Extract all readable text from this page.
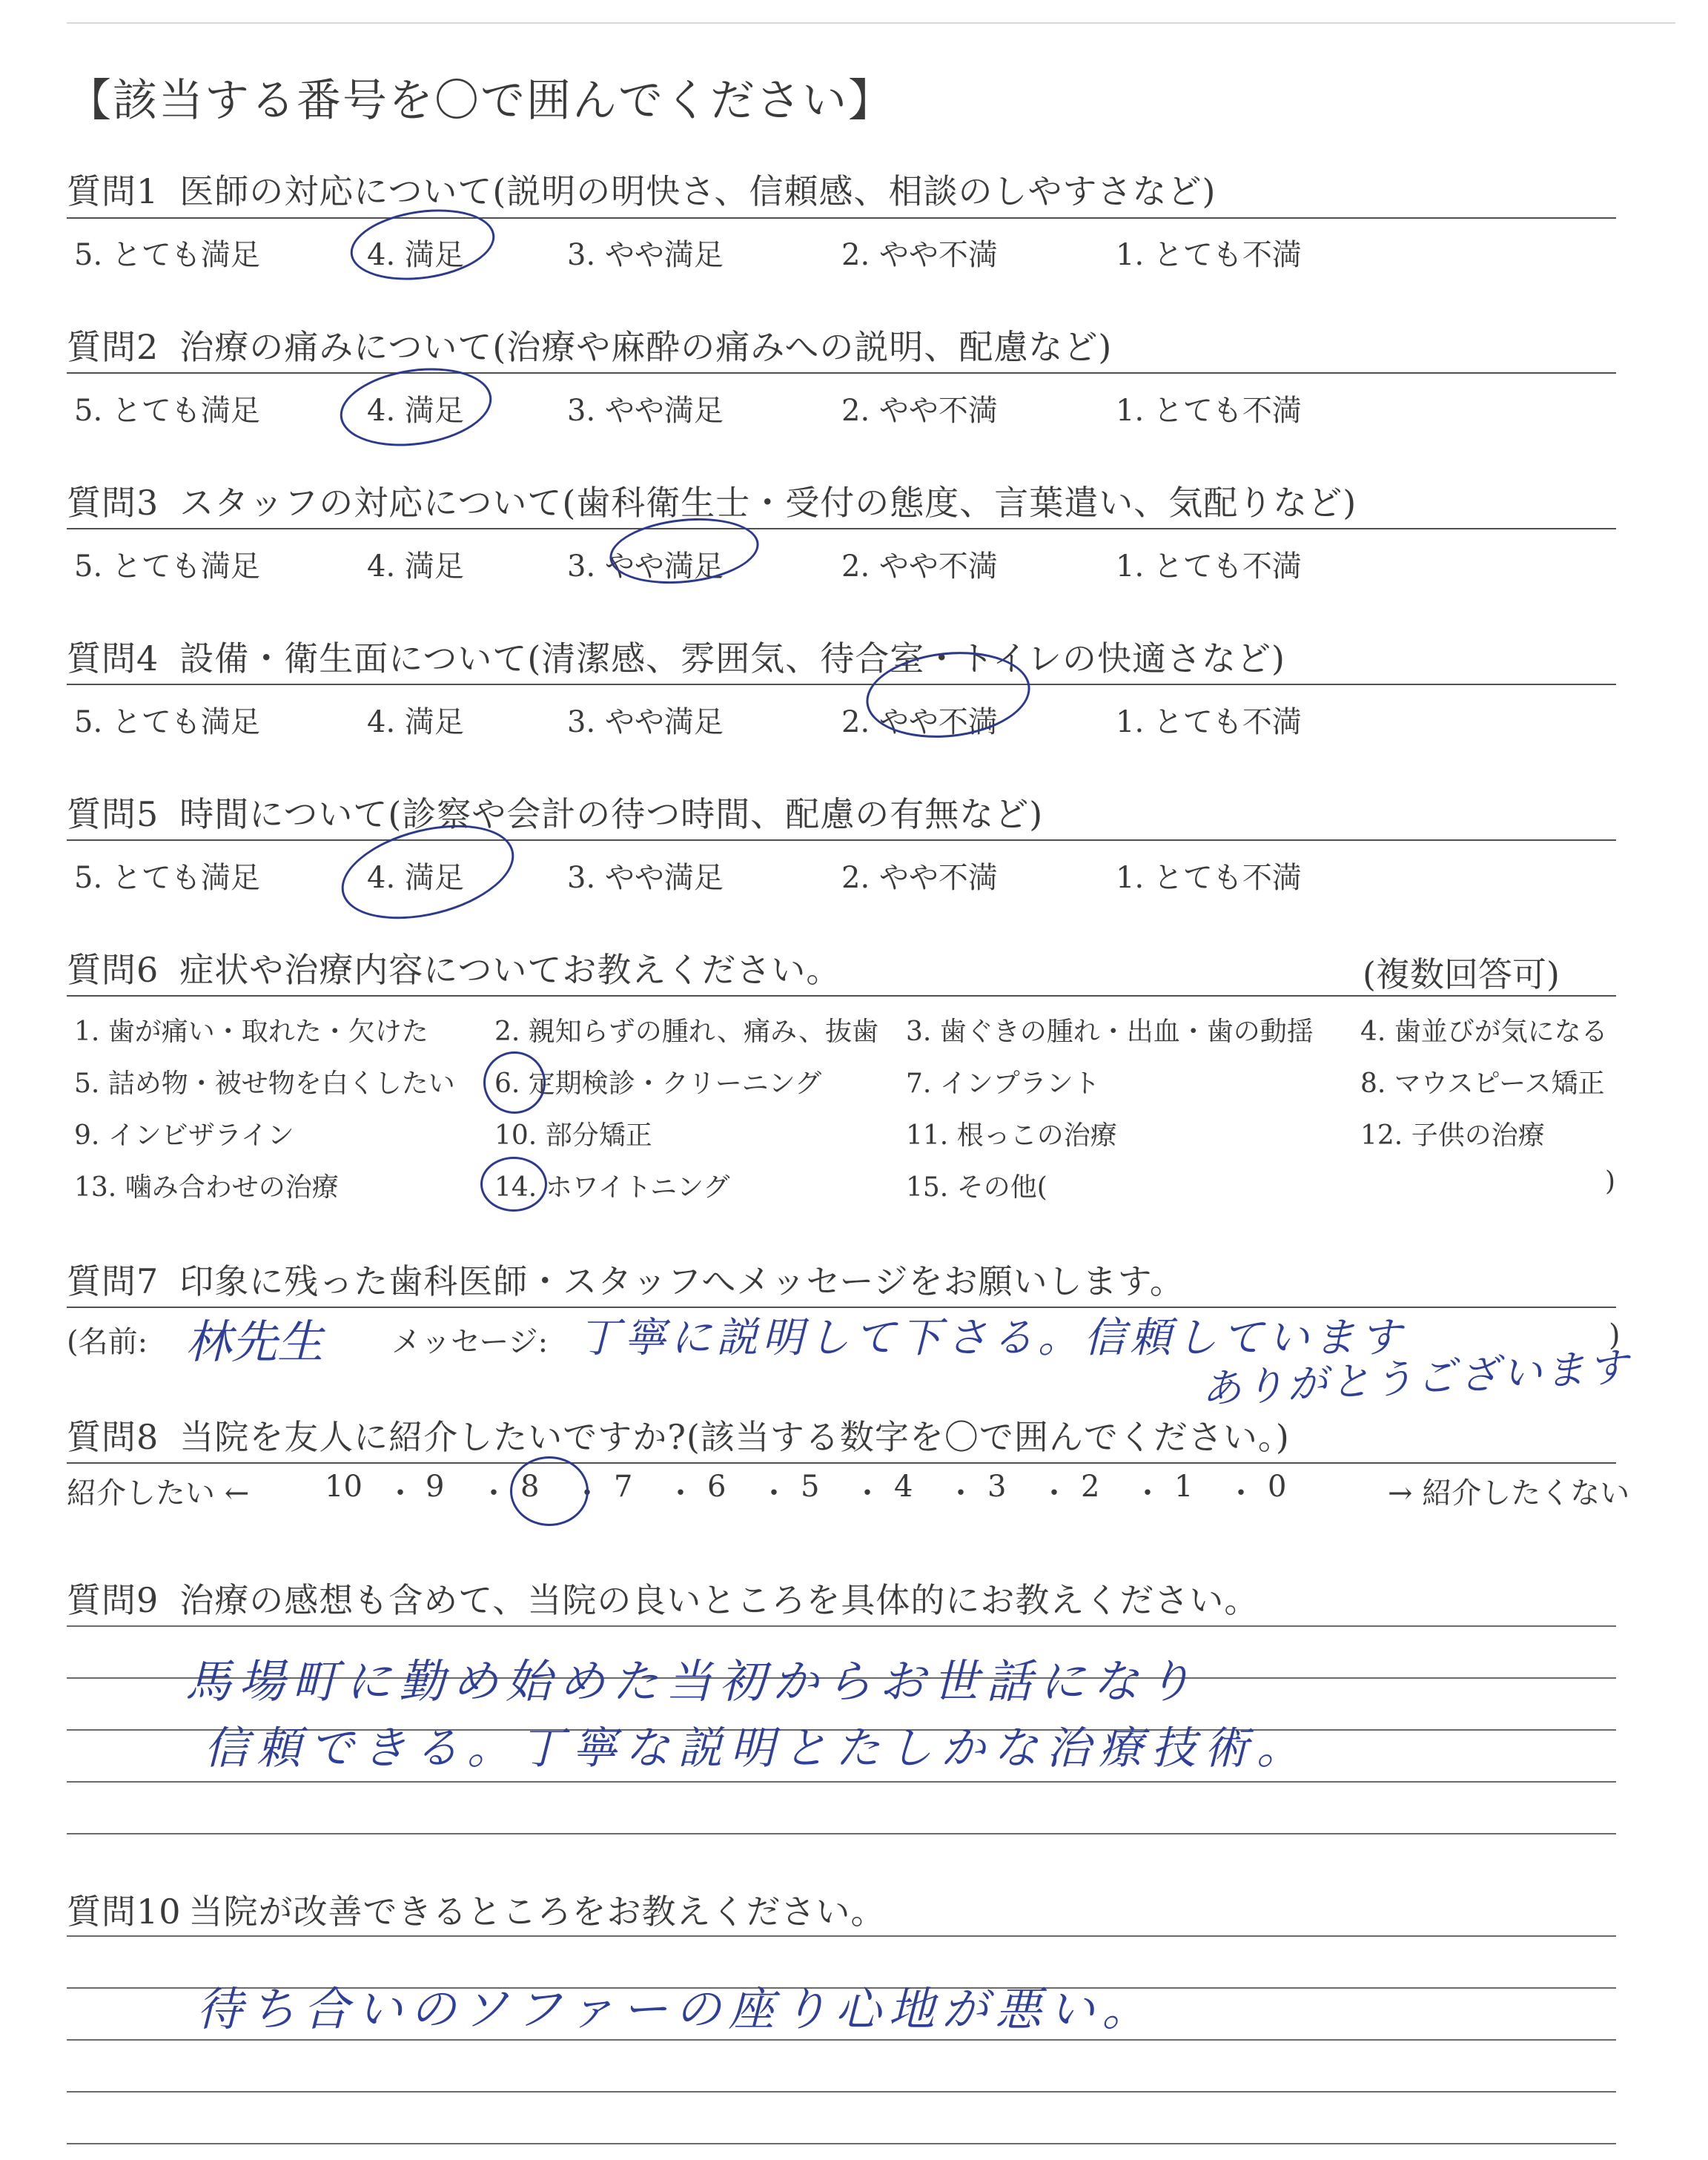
【該当する番号を〇で囲んでください】
質問1 医師の対応について(説明の明快さ、信頼感、相談のしやすさなど)
5. とても満足	4. 満足	3. やや満足	2. やや不満	1. とても不満
質問2 治療の痛みについて(治療や麻酔の痛みへの説明、配慮など)
5. とても満足	4. 満足	3. やや満足	2. やや不満	1. とても不満
質問3 スタッフの対応について(歯科衛生士・受付の態度、言葉遣い、気配りなど)
5. とても満足	4. 満足	3. やや満足	2. やや不満	1. とても不満
質問4 設備・衛生面について(清潔感、雰囲気、待合室・トイレの快適さなど)
5. とても満足	4. 満足	3. やや満足	2. やや不満	1. とても不満
質問5 時間について(診察や会計の待つ時間、配慮の有無など)
5. とても満足	4. 満足	3. やや満足	2. やや不満	1. とても不満
質問6 症状や治療内容についてお教えください。	(複数回答可)
1. 歯が痛い・取れた・欠けた 2. 親知らずの腫れ、痛み、抜歯 3. 歯ぐきの腫れ・出血・歯の動揺 4. 歯並びが気になる
5. 詰め物・被せ物を白くしたい 6. 定期検診・クリーニング	7. インプラント	8. マウスピース矯正
9. インビザライン	10. 部分矯正	11. 根っこの治療	12. 子供の治療
13. 噛み合わせの治療	14. ホワイトニング	15. その他(	)
質問7 印象に残った歯科医師・スタッフへメッセージをお願いします。
(名前:	メッセージ:	)
林先生	丁寧に説明して下さる。信頼しています
ありがとうございます
質問8 当院を友人に紹介したいですか?(該当する数字を〇で囲んでください。)
紹介したい ←	10 9	8	7	6	5	4	3	2	1	0	→ 紹介したくない
・ ・ ・ ・ ・ ・ ・ ・ ・ ・
質問9 治療の感想も含めて、当院の良いところを具体的にお教えください。
馬場町に勤め始めた当初からお世話になり
信頼できる。丁寧な説明とたしかな治療技術。
質問10 当院が改善できるところをお教えください。
待ち合いのソファーの座り心地が悪い。
